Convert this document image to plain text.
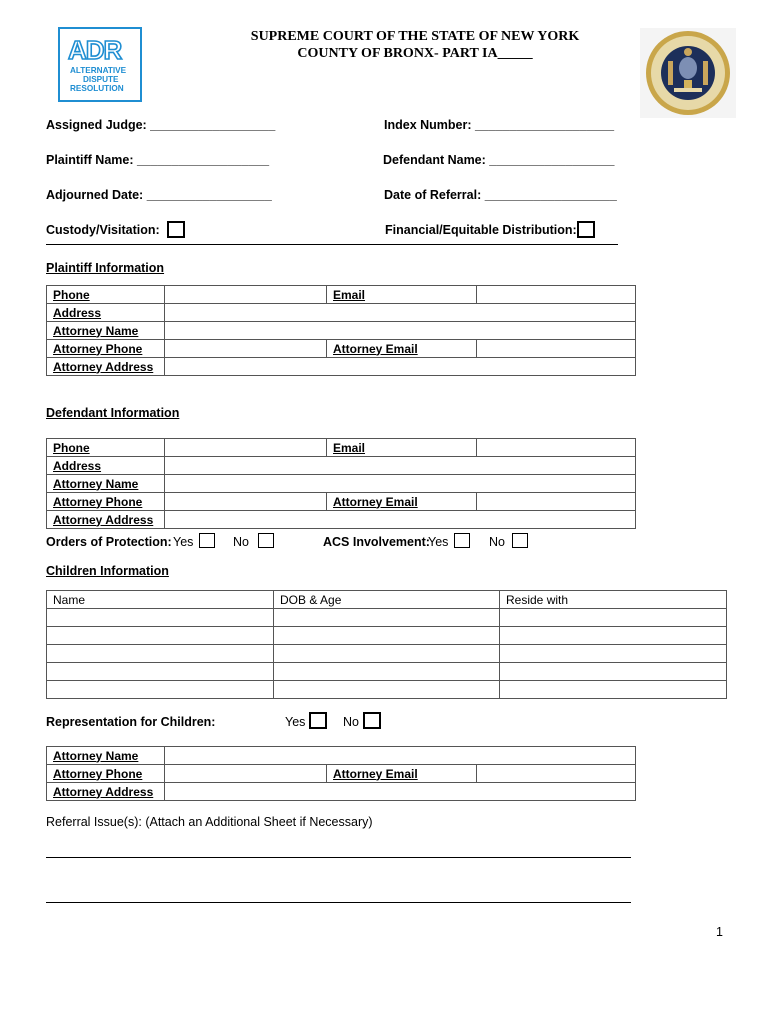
ADR
ALTERNATIVE
DISPUTE
RESOLUTION
SUPREME COURT OF THE STATE OF NEW YORK
COUNTY OF BRONX- PART IA_____
Assigned Judge: __________________	Index Number: ____________________
Plaintiff Name: ___________________	Defendant Name: __________________
Adjourned Date: __________________	Date of Referral: ___________________
Custody/Visitation:	Financial/Equitable Distribution:
Plaintiff Information
Phone		Email	
Address			
Attorney Name			
Attorney Phone		Attorney Email	
Attorney Address			
Defendant Information
Phone		Email	
Address			
Attorney Name			
Attorney Phone		Attorney Email	
Attorney Address			
Orders of Protection: Yes	No	ACS Involvement:
Yes	No
Children Information
Name	DOB & Age	Reside with

Representation for Children:	Yes	No
Attorney Name			
Attorney Phone		Attorney Email	
Attorney Address			
Referral Issue(s): (Attach an Additional Sheet if Necessary)
1
